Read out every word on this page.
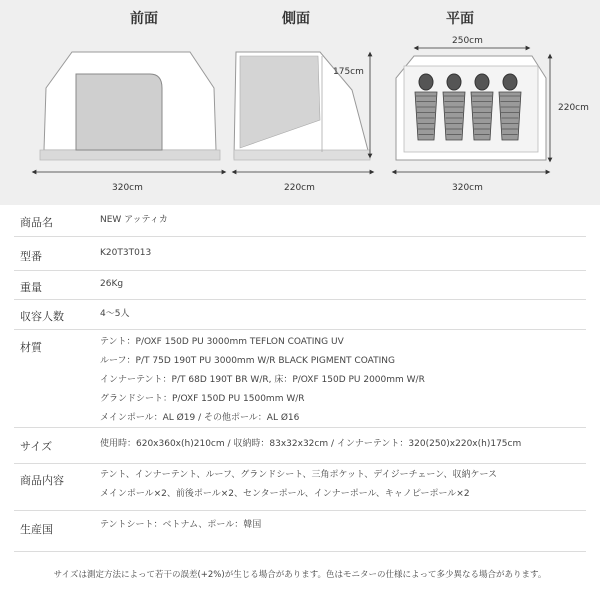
前面	側面	平面
320cm
175cm
220cm
250cm
220cm
320cm
商品名	NEW アッティカ
型番	K20T3T013
重量	26Kg
収容人数	4～5人
材質	テント：P/OXF 150D PU 3000mm TEFLON COATING UV
ルーフ：P/T 75D 190T PU 3000mm W/R BLACK PIGMENT COATING
インナーテント：P/T 68D 190T BR W/R, 床：P/OXF 150D PU 2000mm W/R
グランドシート：P/OXF 150D PU 1500mm W/R
メインポール：AL Ø19 / その他ポール：AL Ø16
サイズ	使用時：620x360x(h)210cm / 収納時：83x32x32cm / インナーテント：320(250)x220x(h)175cm
商品内容	テント、インナーテント、ルーフ、グランドシート、三角ポケット、デイジーチェーン、収納ケース
メインポール×2、前後ポール×2、センターポール、インナーポール、キャノピーポール×2
生産国	テントシート：ベトナム、ポール：韓国
サイズは測定方法によって若干の誤差(+2%)が生じる場合があります。色はモニターの仕様によって多少異なる場合があります。
